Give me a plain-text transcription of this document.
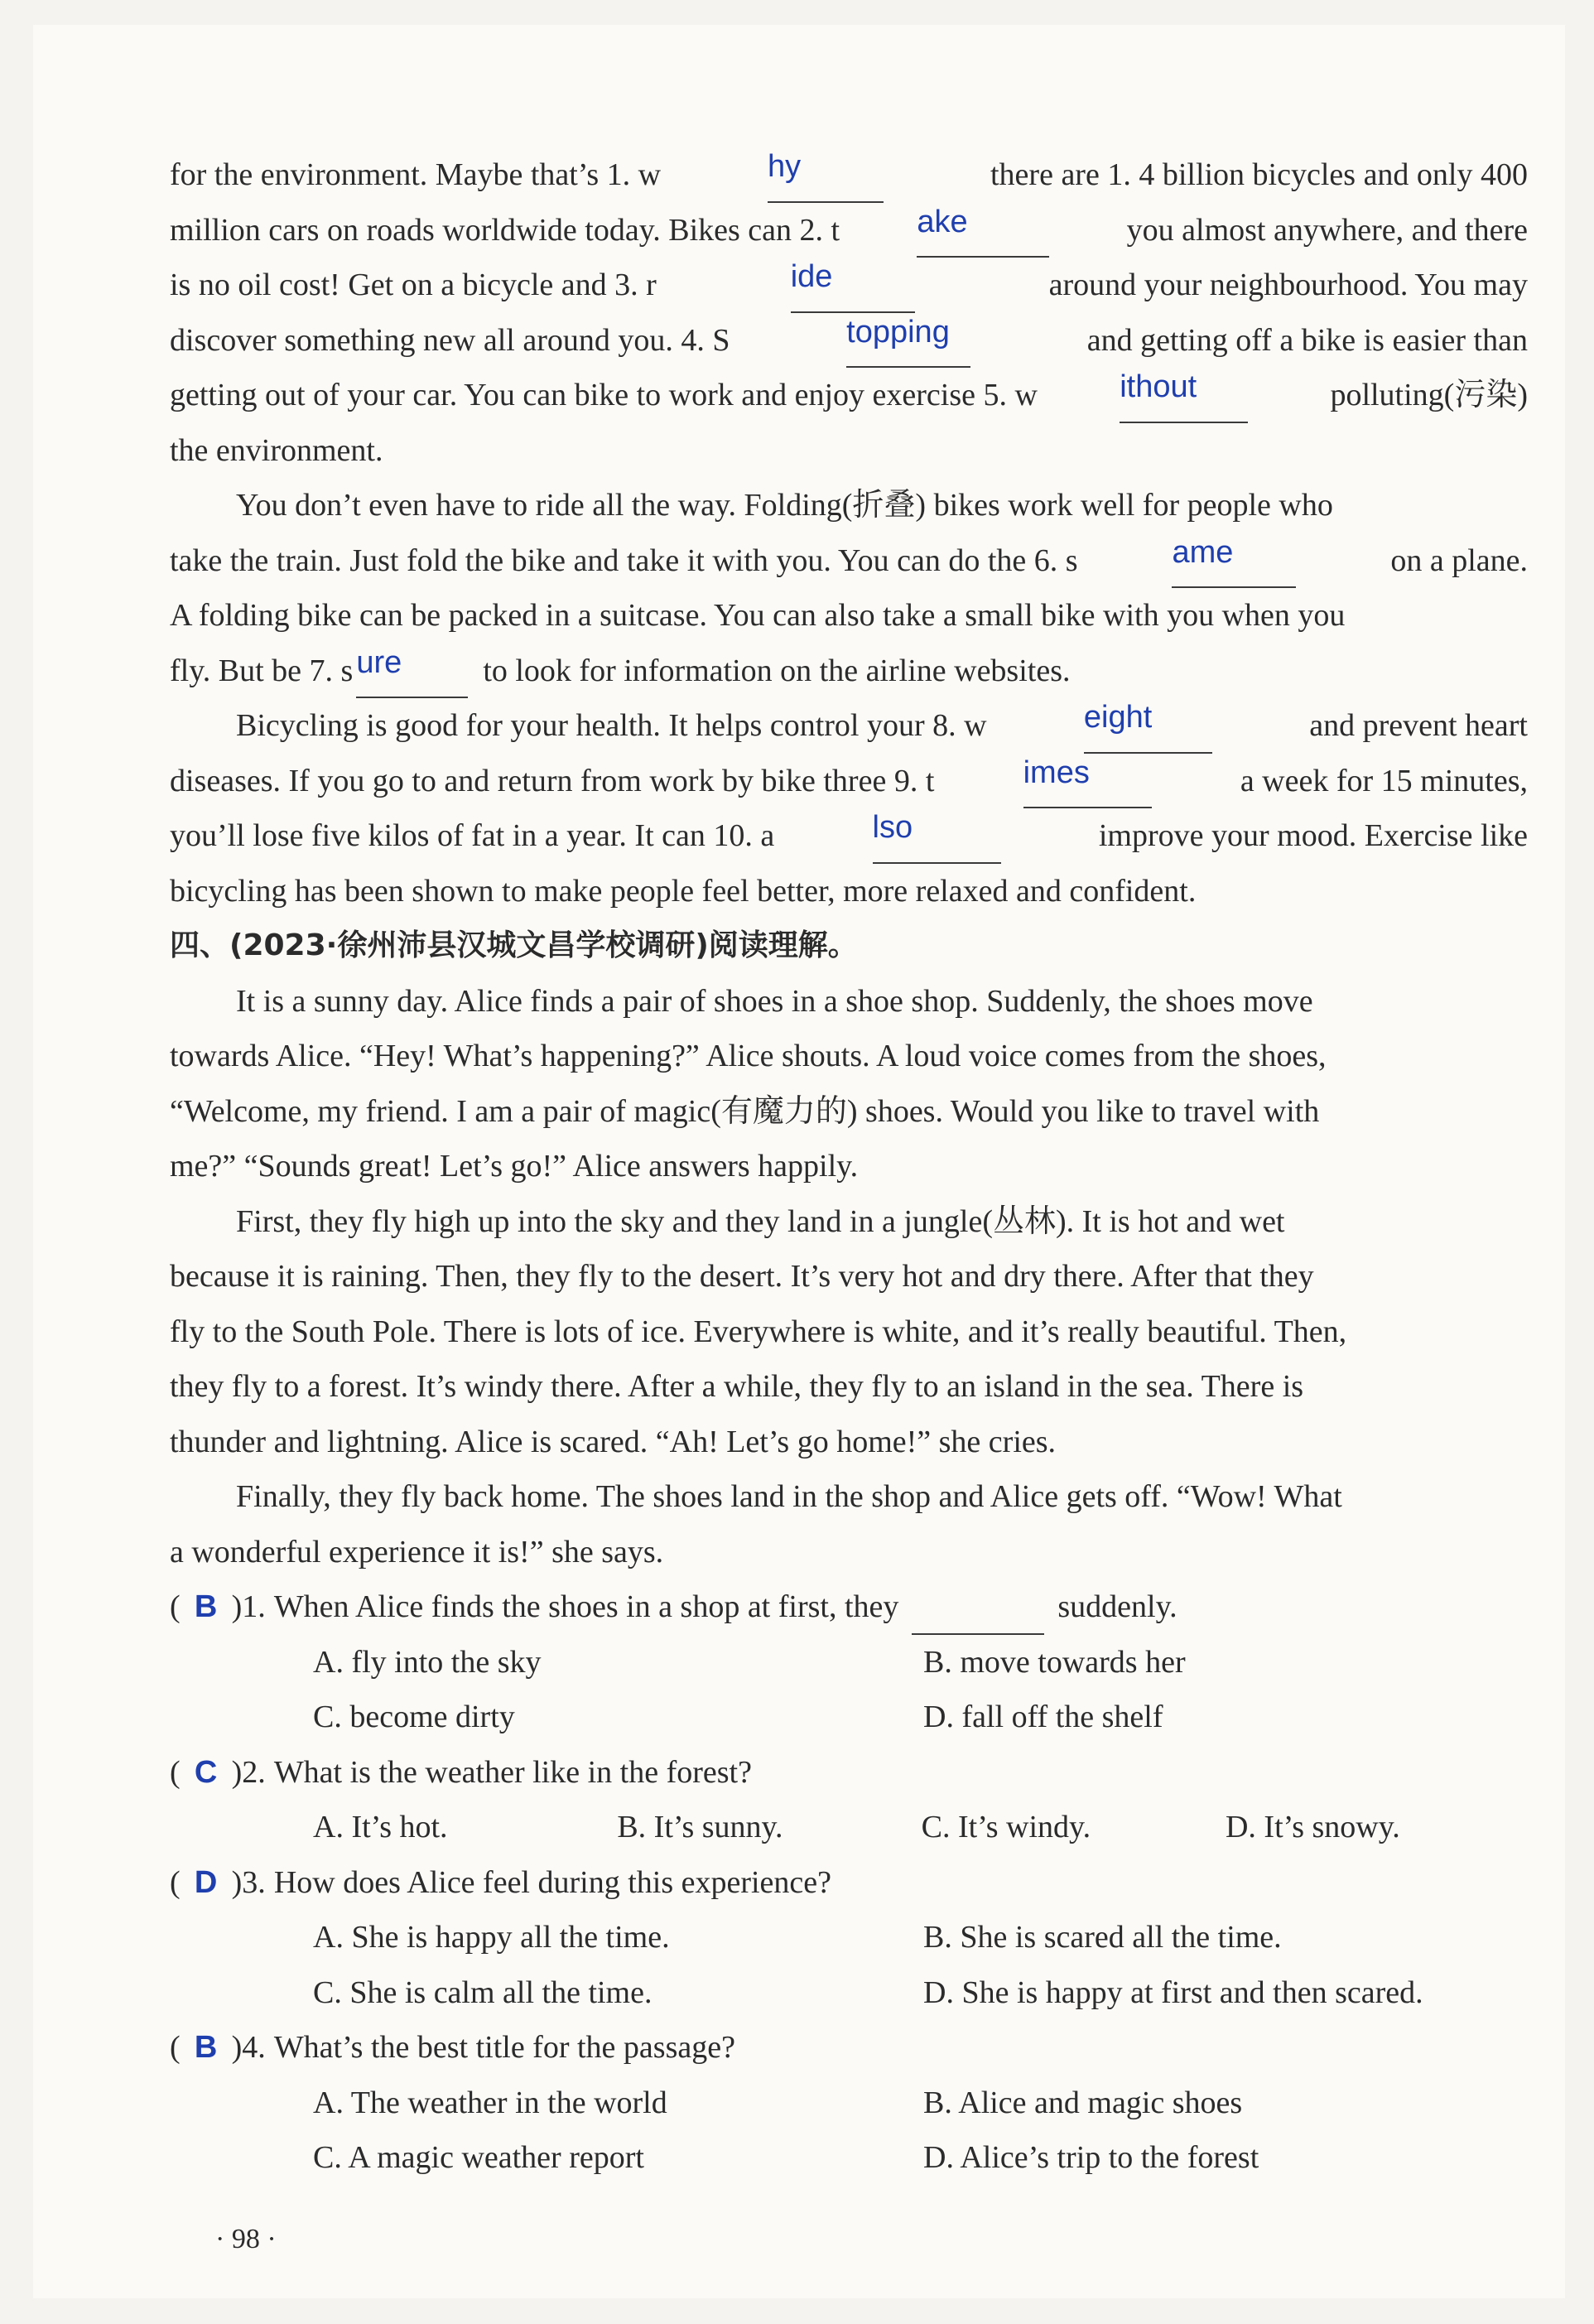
for the environment. Maybe that’s 1. w	hy	there are 1. 4 billion bicycles and only 400
million cars on roads worldwide today. Bikes can 2. t ake	you almost anywhere, and there
is no oil cost! Get on a bicycle and 3. r	ide	around your neighbourhood. You may
discover something new all around you. 4. S	topping	and getting off a bike is easier than
getting out of your car. You can bike to work and enjoy exercise 5. w	ithout	polluting(污染)
the environment.
You don’t even have to ride all the way. Folding(折叠) bikes work well for people who
take the train. Just fold the bike and take it with you. You can do the 6. s	ame	on a plane.
A folding bike can be packed in a suitcase. You can also take a small bike with you when you
fly. But be 7. s ure	to look for information on the airline websites.
Bicycling is good for your health. It helps control your 8. w	eight	and prevent heart
diseases. If you go to and return from work by bike three 9. t	imes	a week for 15 minutes,
you’ll lose five kilos of fat in a year. It can 10. a	lso	improve your mood. Exercise like
bicycling has been shown to make people feel better, more relaxed and confident.
四、(2023·徐州沛县汉城文昌学校调研)阅读理解。
It is a sunny day. Alice finds a pair of shoes in a shoe shop. Suddenly, the shoes move
towards Alice. “Hey! What’s happening?” Alice shouts. A loud voice comes from the shoes,
“Welcome, my friend. I am a pair of magic(有魔力的) shoes. Would you like to travel with
me?” “Sounds great! Let’s go!” Alice answers happily.
First, they fly high up into the sky and they land in a jungle(丛林). It is hot and wet
because it is raining. Then, they fly to the desert. It’s very hot and dry there. After that they
fly to the South Pole. There is lots of ice. Everywhere is white, and it’s really beautiful. Then,
they fly to a forest. It’s windy there. After a while, they fly to an island in the sea. There is
thunder and lightning. Alice is scared. “Ah! Let’s go home!” she cries.
Finally, they fly back home. The shoes land in the shop and Alice gets off. “Wow! What
a wonderful experience it is!” she says.
( B )1. When Alice finds the shoes in a shop at first, they	suddenly.
A. fly into the sky	B. move towards her
C. become dirty	D. fall off the shelf
( C )2. What is the weather like in the forest?
A. It’s hot.	B. It’s sunny.	C. It’s windy.	D. It’s snowy.
( D )3. How does Alice feel during this experience?
A. She is happy all the time.	B. She is scared all the time.
C. She is calm all the time.	D. She is happy at first and then scared.
( B )4. What’s the best title for the passage?
A. The weather in the world	B. Alice and magic shoes
C. A magic weather report	D. Alice’s trip to the forest
· 98 ·
